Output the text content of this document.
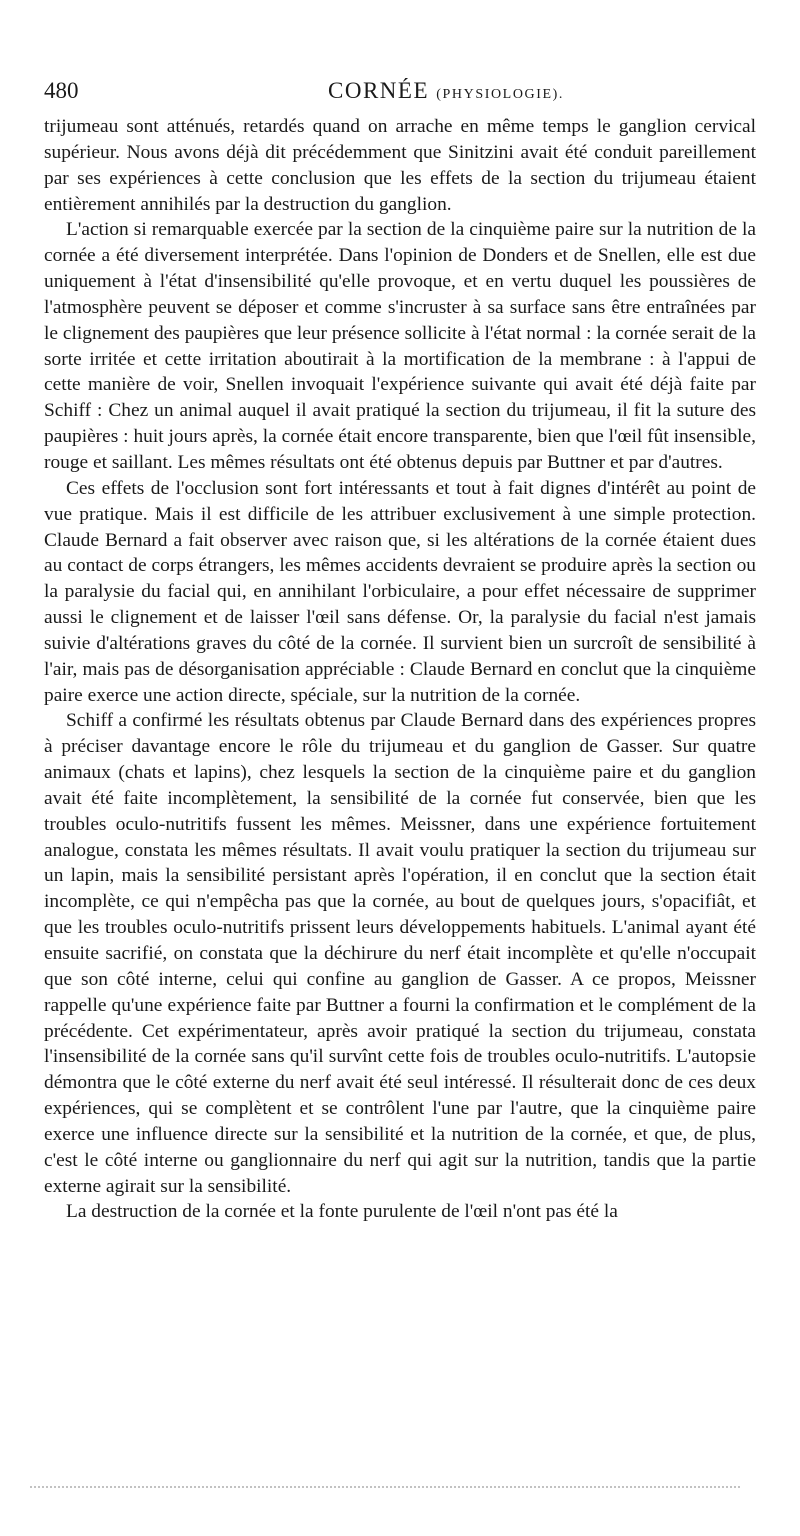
480	CORNÉE (PHYSIOLOGIE).

trijumeau sont atténués, retardés quand on arrache en même temps le ganglion cervical supérieur. Nous avons déjà dit précédemment que Sinitzini avait été conduit pareillement par ses expériences à cette conclusion que les effets de la section du trijumeau étaient entièrement annihilés par la destruction du ganglion.

L'action si remarquable exercée par la section de la cinquième paire sur la nutrition de la cornée a été diversement interprétée. Dans l'opinion de Donders et de Snellen, elle est due uniquement à l'état d'insensibilité qu'elle provoque, et en vertu duquel les poussières de l'atmosphère peuvent se déposer et comme s'incruster à sa surface sans être entraînées par le clignement des paupières que leur présence sollicite à l'état normal : la cornée serait de la sorte irritée et cette irritation aboutirait à la mortification de la membrane : à l'appui de cette manière de voir, Snellen invoquait l'expérience suivante qui avait été déjà faite par Schiff : Chez un animal auquel il avait pratiqué la section du trijumeau, il fit la suture des paupières : huit jours après, la cornée était encore transparente, bien que l'œil fût insensible, rouge et saillant. Les mêmes résultats ont été obtenus depuis par Buttner et par d'autres.

Ces effets de l'occlusion sont fort intéressants et tout à fait dignes d'intérêt au point de vue pratique. Mais il est difficile de les attribuer exclusivement à une simple protection. Claude Bernard a fait observer avec raison que, si les altérations de la cornée étaient dues au contact de corps étrangers, les mêmes accidents devraient se produire après la section ou la paralysie du facial qui, en annihilant l'orbiculaire, a pour effet nécessaire de supprimer aussi le clignement et de laisser l'œil sans défense. Or, la paralysie du facial n'est jamais suivie d'altérations graves du côté de la cornée. Il survient bien un surcroît de sensibilité à l'air, mais pas de désorganisation appréciable : Claude Bernard en conclut que la cinquième paire exerce une action directe, spéciale, sur la nutrition de la cornée.

Schiff a confirmé les résultats obtenus par Claude Bernard dans des expériences propres à préciser davantage encore le rôle du trijumeau et du ganglion de Gasser. Sur quatre animaux (chats et lapins), chez lesquels la section de la cinquième paire et du ganglion avait été faite incomplètement, la sensibilité de la cornée fut conservée, bien que les troubles oculo-nutritifs fussent les mêmes. Meissner, dans une expérience fortuitement analogue, constata les mêmes résultats. Il avait voulu pratiquer la section du trijumeau sur un lapin, mais la sensibilité persistant après l'opération, il en conclut que la section était incomplète, ce qui n'empêcha pas que la cornée, au bout de quelques jours, s'opacifiât, et que les troubles oculo-nutritifs prissent leurs développements habituels. L'animal ayant été ensuite sacrifié, on constata que la déchirure du nerf était incomplète et qu'elle n'occupait que son côté interne, celui qui confine au ganglion de Gasser. A ce propos, Meissner rappelle qu'une expérience faite par Buttner a fourni la confirmation et le complément de la précédente. Cet expérimentateur, après avoir pratiqué la section du trijumeau, constata l'insensibilité de la cornée sans qu'il survînt cette fois de troubles oculo-nutritifs. L'autopsie démontra que le côté externe du nerf avait été seul intéressé. Il résulterait donc de ces deux expériences, qui se complètent et se contrôlent l'une par l'autre, que la cinquième paire exerce une influence directe sur la sensibilité et la nutrition de la cornée, et que, de plus, c'est le côté interne ou ganglionnaire du nerf qui agit sur la nutrition, tandis que la partie externe agirait sur la sensibilité.

La destruction de la cornée et la fonte purulente de l'œil n'ont pas été la
